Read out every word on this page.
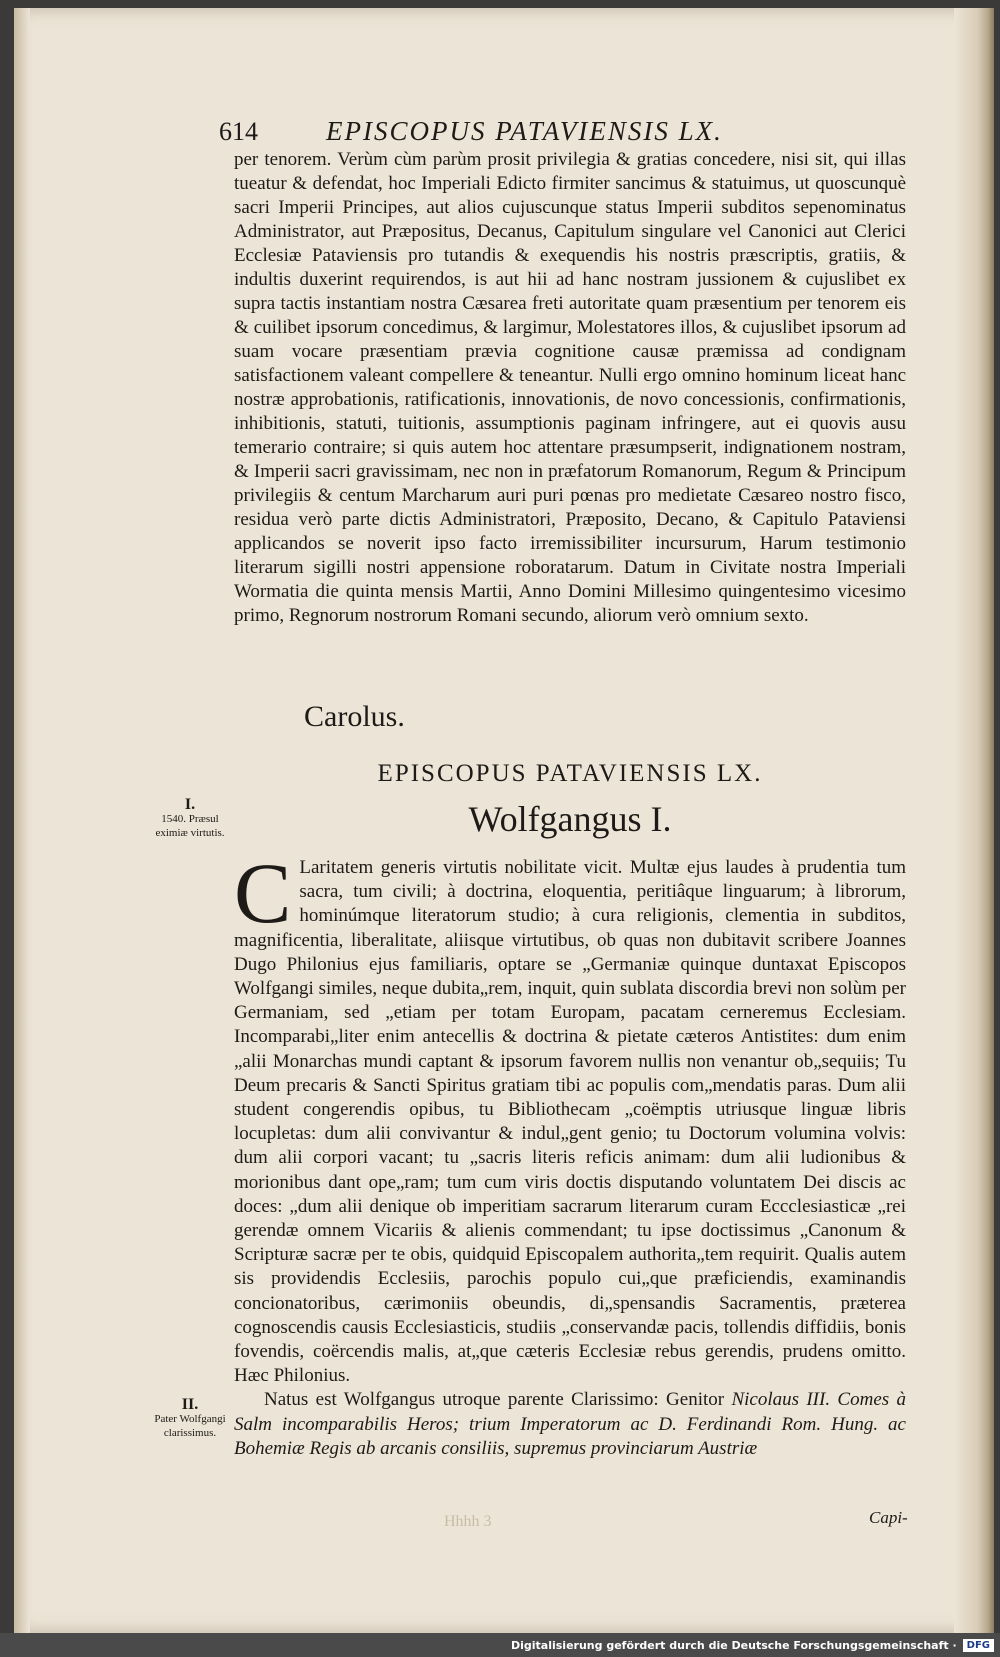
614	EPISCOPUS PATAVIENSIS LX.

per tenorem. Verùm cùm parùm prosit privilegia & gratias concedere, nisi sit, qui illas tueatur & defendat, hoc Imperiali Edicto firmiter sancimus & statuimus, ut quoscunquè sacri Imperii Principes, aut alios cujuscunque status Imperii subditos sepenominatus Administrator, aut Præpositus, Decanus, Capitulum singulare vel Canonici aut Clerici Ecclesiæ Pataviensis pro tutandis & exequendis his nostris præscriptis, gratiis, & indultis duxerint requirendos, is aut hii ad hanc nostram jussionem & cujuslibet ex supra tactis instantiam nostra Cæsarea freti autoritate quam præsentium per tenorem eis & cuilibet ipsorum concedimus, & largimur, Molestatores illos, & cujuslibet ipsorum ad suam vocare præsentiam prævia cognitione causæ præmissa ad condignam satisfactionem valeant compellere & teneantur. Nulli ergo omnino hominum liceat hanc nostræ approbationis, ratificationis, innovationis, de novo concessionis, confirmationis, inhibitionis, statuti, tuitionis, assumptionis paginam infringere, aut ei quovis ausu temerario contraire; si quis autem hoc attentare præsumpserit, indignationem nostram, & Imperii sacri gravissimam, nec non in præfatorum Romanorum, Regum & Principum privilegiis & centum Marcharum auri puri pœnas pro medietate Cæsareo nostro fisco, residua verò parte dictis Administratori, Præposito, Decano, & Capitulo Pataviensi applicandos se noverit ipso facto irremissibiliter incursurum, Harum testimonio literarum sigilli nostri appensione roboratarum. Datum in Civitate nostra Imperiali Wormatia die quinta mensis Martii, Anno Domini Millesimo quingentesimo vicesimo primo, Regnorum nostrorum Romani secundo, aliorum verò omnium sexto.

Carolus.
EPISCOPUS PATAVIENSIS LX.
Wolfgangus I.
I.
1540. Præsul eximiæ virtutis.
C Laritatem generis virtutis nobilitate vicit. Multæ ejus laudes à prudentia tum sacra, tum civili; à doctrina, eloquentia, peritiâque linguarum; à librorum, hominúmque literatorum studio; à cura religionis, clementia in subditos, magnificentia, liberalitate, aliisque virtutibus, ob quas non dubitavit scribere Joannes Dugo Philonius ejus familiaris, optare se „Germaniæ quinque duntaxat Episcopos Wolfgangi similes, neque dubita„rem, inquit, quin sublata discordia brevi non solùm per Germaniam, sed „etiam per totam Europam, pacatam cerneremus Ecclesiam. Incomparabi„liter enim antecellis & doctrina & pietate cæteros Antistites: dum enim „alii Monarchas mundi captant & ipsorum favorem nullis non venantur ob„sequiis; Tu Deum precaris & Sancti Spiritus gratiam tibi ac populis com„mendatis paras. Dum alii student congerendis opibus, tu Bibliothecam „coëmptis utriusque linguæ libris locupletas: dum alii convivantur & indul„gent genio; tu Doctorum volumina volvis: dum alii corpori vacant; tu „sacris literis reficis animam: dum alii ludionibus & morionibus dant ope„ram; tum cum viris doctis disputando voluntatem Dei discis ac doces: „dum alii denique ob imperitiam sacrarum literarum curam Eccclesiasticæ „rei gerendæ omnem Vicariis & alienis commendant; tu ipse doctissimus „Canonum & Scripturæ sacræ per te obis, quidquid Episcopalem authorita„tem requirit. Qualis autem sis providendis Ecclesiis, parochis populo cui„que præficiendis, examinandis concionatoribus, cærimoniis obeundis, di„spensandis Sacramentis, præterea cognoscendis causis Ecclesiasticis, studiis „conservandæ pacis, tollendis diffidiis, bonis fovendis, coërcendis malis, at„que cæteris Ecclesiæ rebus gerendis, prudens omitto. Hæc Philonius.

Natus est Wolfgangus utroque parente Clarissimo: Genitor Nicolaus III. Comes à Salm incomparabilis Heros; trium Imperatorum ac D. Ferdinandi Rom. Hung. ac Bohemiæ Regis ab arcanis consiliis, supremus provinciarum Austriæ

II.
Pater Wolfgangi clarissimus.
Hhhh 3	Capi-
Digitalisierung gefördert durch die Deutsche Forschungsgemeinschaft ·	DFG
